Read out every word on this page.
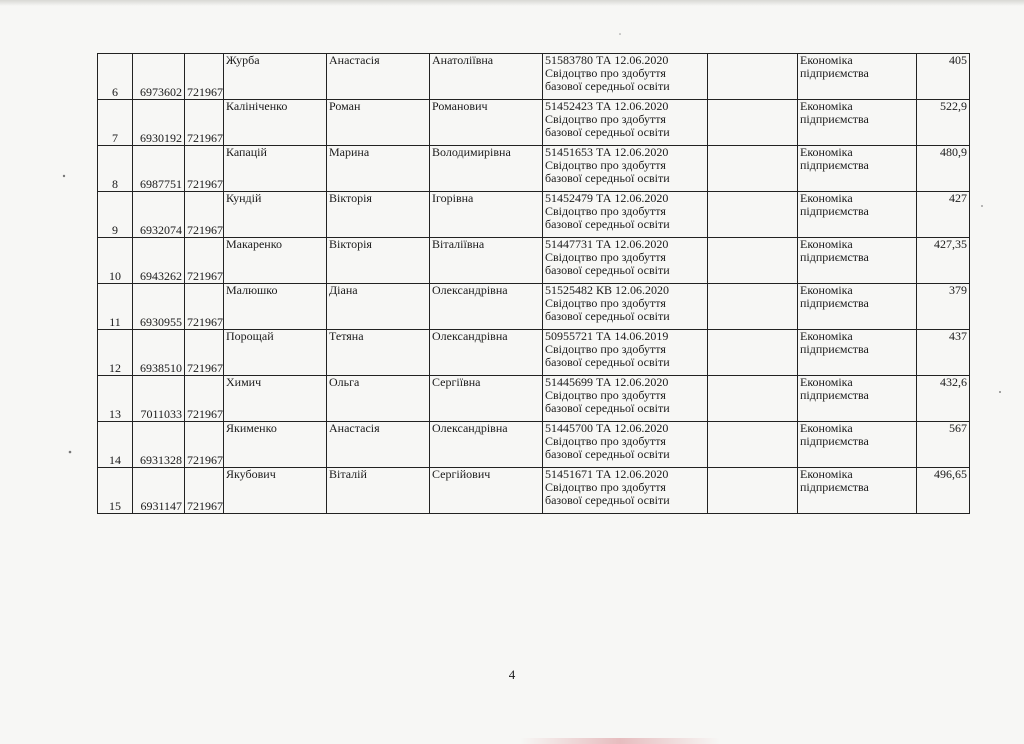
6	6973602	721967	Журба	Анастасія	Анатоліївна	51583780 ТА 12.06.2020
Свідоцтво про здобуття
базової середньої освіти		Економіка
підприємства	405
7	6930192	721967	Калініченко	Роман	Романович	51452423 ТА 12.06.2020
Свідоцтво про здобуття
базової середньої освіти		Економіка
підприємства	522,9
8	6987751	721967	Капацій	Марина	Володимирівна	51451653 ТА 12.06.2020
Свідоцтво про здобуття
базової середньої освіти		Економіка
підприємства	480,9
9	6932074	721967	Кундій	Вікторія	Ігорівна	51452479 ТА 12.06.2020
Свідоцтво про здобуття
базової середньої освіти		Економіка
підприємства	427
10	6943262	721967	Макаренко	Вікторія	Віталіївна	51447731 ТА 12.06.2020
Свідоцтво про здобуття
базової середньої освіти		Економіка
підприємства	427,35
11	6930955	721967	Малюшко	Діана	Олександрівна	51525482 КВ 12.06.2020
Свідоцтво про здобуття
базової середньої освіти		Економіка
підприємства	379
12	6938510	721967	Порощай	Тетяна	Олександрівна	50955721 ТА 14.06.2019
Свідоцтво про здобуття
базової середньої освіти		Економіка
підприємства	437
13	7011033	721967	Химич	Ольга	Сергіївна	51445699 ТА 12.06.2020
Свідоцтво про здобуття
базової середньої освіти		Економіка
підприємства	432,6
14	6931328	721967	Якименко	Анастасія	Олександрівна	51445700 ТА 12.06.2020
Свідоцтво про здобуття
базової середньої освіти		Економіка
підприємства	567
15	6931147	721967	Якубович	Віталій	Сергійович	51451671 ТА 12.06.2020
Свідоцтво про здобуття
базової середньої освіти		Економіка
підприємства	496,65
4
